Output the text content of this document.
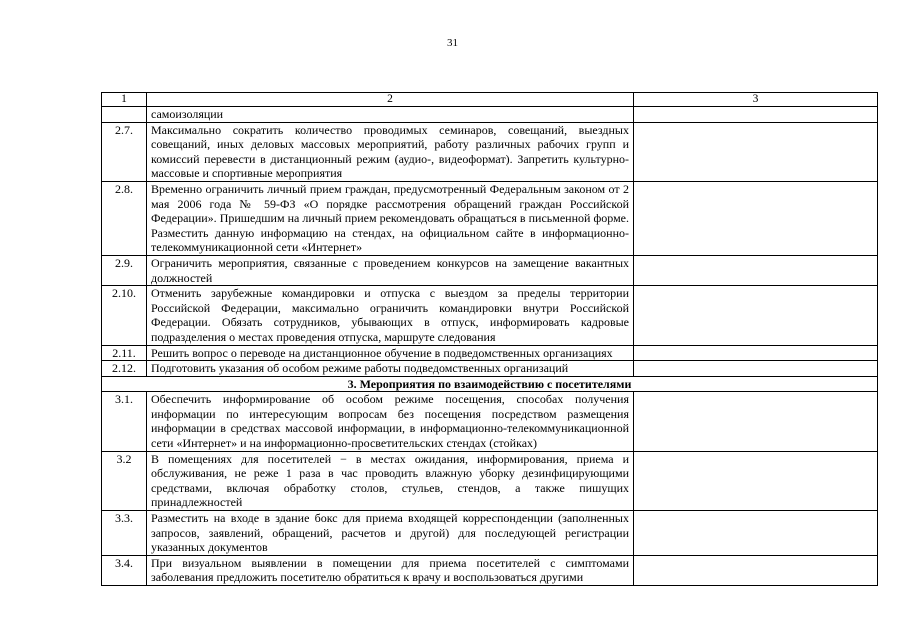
31
1	2	3
	самоизоляции	
2.7.	Максимально сократить количество проводимых семинаров, совещаний, выездных совещаний, иных деловых массовых мероприятий, работу различных рабочих групп и комиссий перевести в дистанционный режим (аудио-, видеоформат). Запретить культурно-массовые и спортивные мероприятия	
2.8.	Временно ограничить личный прием граждан, предусмотренный Федеральным законом от 2 мая 2006 года № 59-ФЗ «О порядке рассмотрения обращений граждан Российской Федерации». Пришедшим на личный прием рекомендовать обращаться в письменной форме. Разместить данную информацию на стендах, на официальном сайте в информационно-телекоммуникационной сети «Интернет»	
2.9.	Ограничить мероприятия, связанные с проведением конкурсов на замещение вакантных должностей	
2.10.	Отменить зарубежные командировки и отпуска с выездом за пределы территории Российской Федерации, максимально ограничить командировки внутри Российской Федерации. Обязать сотрудников, убывающих в отпуск, информировать кадровые подразделения о местах проведения отпуска, маршруте следования	
2.11.	Решить вопрос о переводе на дистанционное обучение в подведомственных организациях	
2.12.	Подготовить указания об особом режиме работы подведомственных организаций	
3. Мероприятия по взаимодействию с посетителями		
3.1.	Обеспечить информирование об особом режиме посещения, способах получения информации по интересующим вопросам без посещения посредством размещения информации в средствах массовой информации, в информационно-телекоммуникационной сети «Интернет» и на информационно-просветительских стендах (стойках)	
3.2	В помещениях для посетителей − в местах ожидания, информирования, приема и обслуживания, не реже 1 раза в час проводить влажную уборку дезинфицирующими средствами, включая обработку столов, стульев, стендов, а также пишущих принадлежностей	
3.3.	Разместить на входе в здание бокс для приема входящей корреспонденции (заполненных запросов, заявлений, обращений, расчетов и другой) для последующей регистрации указанных документов	
3.4.	При визуальном выявлении в помещении для приема посетителей с симптомами заболевания предложить посетителю обратиться к врачу и воспользоваться другими	
